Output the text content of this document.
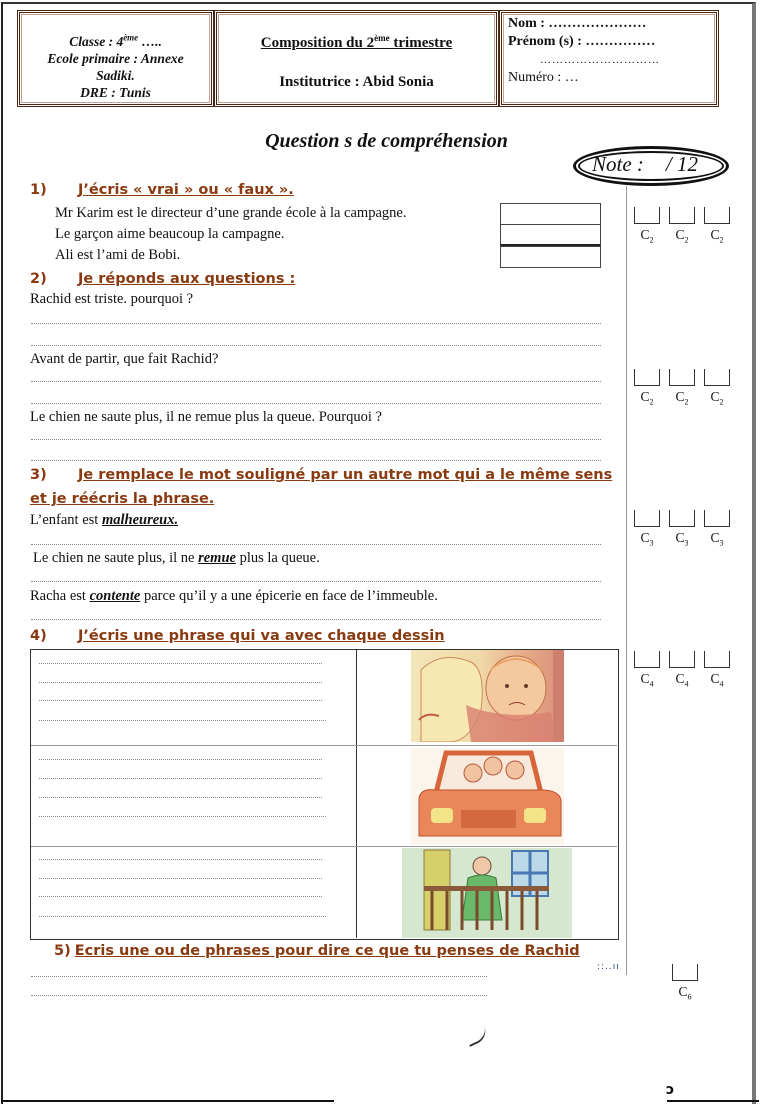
Classe : 4ème …..
Ecole primaire : Annexe
Sadiki.
DRE : Tunis
Composition du 2ème trimestre
Institutrice : Abid Sonia
Nom : …………………
Prénom (s) : ……………
…………………………
Numéro : …
Question s de compréhension
Note : / 12
1) J’écris « vrai » ou « faux ».
Mr Karim est le directeur d’une grande école à la campagne.
Le garçon aime beaucoup la campagne.
Ali est l’ami de Bobi.
2) Je réponds aux questions :
Rachid est triste. pourquoi ?
Avant de partir, que fait Rachid?
Le chien ne saute plus, il ne remue plus la queue. Pourquoi ?
3) Je remplace le mot souligné par un autre mot qui a le même sens
et je réécris la phrase.
L’enfant est malheureux.
Le chien ne saute plus, il ne remue plus la queue.
Racha est contente parce qu’il y a une épicerie en face de l’immeuble.
4) J’écris une phrase qui va avec chaque dessin
5) Ecris une ou de phrases pour dire ce que tu penses de Rachid
$C_2$	$C_2$	$C_2$
$C_2$	$C_2$	$C_2$
$C_3$	$C_3$	$C_3$
$C_4$	$C_4$	$C_4$
::..ıı
$C_6$
ɔ
